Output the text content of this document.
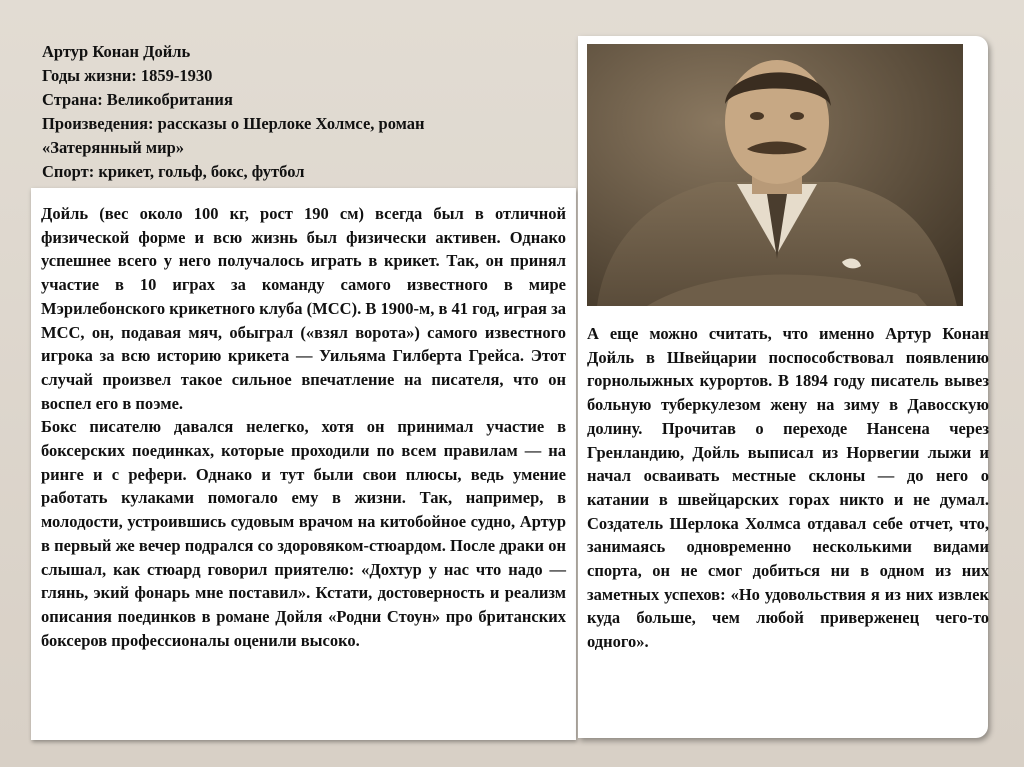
Артур Конан Дойль
Годы жизни: 1859-1930
Страна: Великобритания
Произведения: рассказы о Шерлоке Холмсе, роман
«Затерянный мир»
Спорт: крикет, гольф, бокс, футбол

Дойль (вес около 100 кг, рост 190 см) всегда был в отличной физической форме и всю жизнь был физически активен. Однако успешнее всего у него получалось играть в крикет. Так, он принял участие в 10 играх за команду самого известного в мире Мэрилебонского крикетного клуба (MCC). В 1900-м, в 41 год, играя за MCC, он, подавая мяч, обыграл («взял ворота») самого известного игрока за всю историю крикета — Уильяма Гилберта Грейса. Этот случай произвел такое сильное впечатление на писателя, что он воспел его в поэме.

Бокс писателю давался нелегко, хотя он принимал участие в боксерских поединках, которые проходили по всем правилам — на ринге и с рефери. Однако и тут были свои плюсы, ведь умение работать кулаками помогало ему в жизни. Так, например, в молодости, устроившись судовым врачом на китобойное судно, Артур в первый же вечер подрался со здоровяком-стюардом. После драки он слышал, как стюард говорил приятелю: «Дохтур у нас что надо — глянь, экий фонарь мне поставил». Кстати, достоверность и реализм описания поединков в романе Дойля «Родни Стоун» про британских боксеров профессионалы оценили высоко.

А еще можно считать, что именно Артур Конан Дойль в Швейцарии поспособствовал появлению горнолыжных курортов. В 1894 году писатель вывез больную туберкулезом жену на зиму в Давосскую долину. Прочитав о переходе Нансена через Гренландию, Дойль выписал из Норвегии лыжи и начал осваивать местные склоны — до него о катании в швейцарских горах никто и не думал. Создатель Шерлока Холмса отдавал себе отчет, что, занимаясь одновременно несколькими видами спорта, он не смог добиться ни в одном из них заметных успехов: «Но удовольствия я из них извлек куда больше, чем любой приверженец чего-то одного».
